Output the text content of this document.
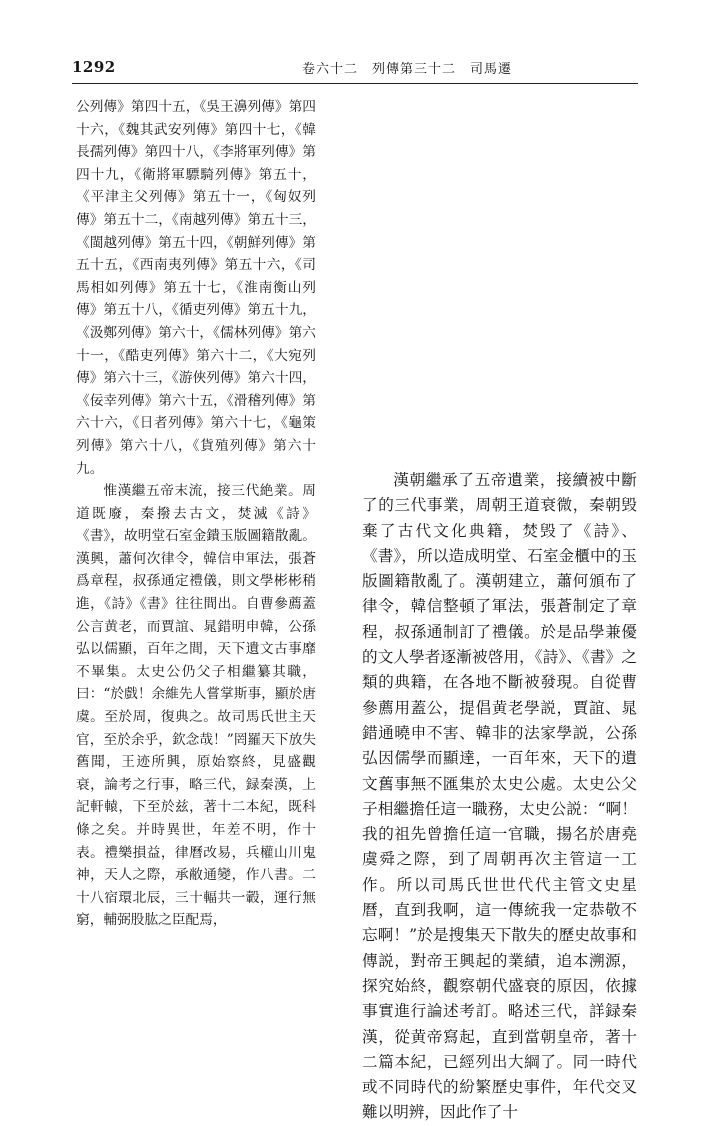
1292	卷六十二　列傳第三十二　司馬遷

公列傳》第四十五，《吳王濞列傳》第四十六，《魏其武安列傳》第四十七，《韓長孺列傳》第四十八，《李將軍列傳》第四十九，《衛將軍驃騎列傳》第五十，《平津主父列傳》第五十一，《匈奴列傳》第五十二，《南越列傳》第五十三，《閩越列傳》第五十四，《朝鮮列傳》第五十五，《西南夷列傳》第五十六，《司馬相如列傳》第五十七，《淮南衡山列傳》第五十八，《循吏列傳》第五十九，《汲鄭列傳》第六十，《儒林列傳》第六十一，《酷吏列傳》第六十二，《大宛列傳》第六十三，《游俠列傳》第六十四，《佞幸列傳》第六十五，《滑稽列傳》第六十六，《日者列傳》第六十七，《龜策列傳》第六十八，《貨殖列傳》第六十九。

惟漢繼五帝末流，接三代絶業。周道既廢，秦撥去古文，焚滅《詩》《書》，故明堂石室金鐀玉版圖籍散亂。漢興，蕭何次律令，韓信申軍法，張蒼爲章程，叔孫通定禮儀，則文學彬彬稍進，《詩》《書》往往間出。自曹參薦蓋公言黄老，而賈誼、晁錯明申韓，公孫弘以儒顯，百年之間，天下遺文古事靡不畢集。太史公仍父子相繼纂其職，曰：“於戲！余維先人嘗掌斯事，顯於唐虞。至於周，復典之。故司馬氏世主天官，至於余乎，欽念哉！”罔羅天下放失舊聞，王迹所興，原始察終，見盛觀衰，論考之行事，略三代，録秦漢，上記軒轅，下至於兹，著十二本紀，既科條之矣。并時異世，年差不明，作十表。禮樂損益，律曆改易，兵權山川鬼神，天人之際，承敝通變，作八書。二十八宿環北辰，三十輻共一轂，運行無窮，輔弼股肱之臣配焉，

漢朝繼承了五帝遺業，接續被中斷了的三代事業，周朝王道衰微，秦朝毁棄了古代文化典籍，焚毁了《詩》、《書》，所以造成明堂、石室金櫃中的玉版圖籍散亂了。漢朝建立，蕭何頒布了律令，韓信整頓了軍法，張蒼制定了章程，叔孫通制訂了禮儀。於是品學兼優的文人學者逐漸被啓用，《詩》、《書》之類的典籍，在各地不斷被發現。自從曹參薦用蓋公，提倡黄老學説，賈誼、晁錯通曉申不害、韓非的法家學説，公孫弘因儒學而顯達，一百年來，天下的遺文舊事無不匯集於太史公處。太史公父子相繼擔任這一職務，太史公説：“啊！我的祖先曾擔任這一官職，揚名於唐堯虞舜之際，到了周朝再次主管這一工作。所以司馬氏世世代代主管文史星曆，直到我啊，這一傳統我一定恭敬不忘啊！”於是搜集天下散失的歷史故事和傳説，對帝王興起的業績，追本溯源，探究始終，觀察朝代盛衰的原因，依據事實進行論述考訂。略述三代，詳録秦漢，從黄帝寫起，直到當朝皇帝，著十二篇本紀，已經列出大綱了。同一時代或不同時代的紛繁歷史事件，年代交叉難以明辨，因此作了十
